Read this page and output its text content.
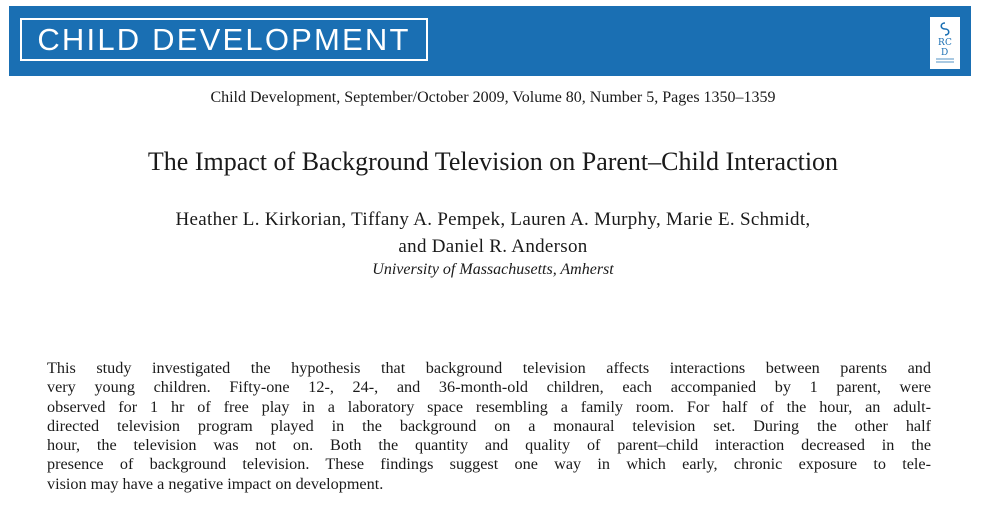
CHILD DEVELOPMENT	R C
D
Child Development, September/October 2009, Volume 80, Number 5, Pages 1350–1359
The Impact of Background Television on Parent–Child Interaction
Heather L. Kirkorian, Tiffany A. Pempek, Lauren A. Murphy, Marie E. Schmidt,
and Daniel R. Anderson
University of Massachusetts, Amherst
This study investigated the hypothesis that background television affects interactions between parents and
very young children. Fifty-one 12-, 24-, and 36-month-old children, each accompanied by 1 parent, were
observed for 1 hr of free play in a laboratory space resembling a family room. For half of the hour, an adult-
directed television program played in the background on a monaural television set. During the other half
hour, the television was not on. Both the quantity and quality of parent–child interaction decreased in the
presence of background television. These findings suggest one way in which early, chronic exposure to tele-
vision may have a negative impact on development.
